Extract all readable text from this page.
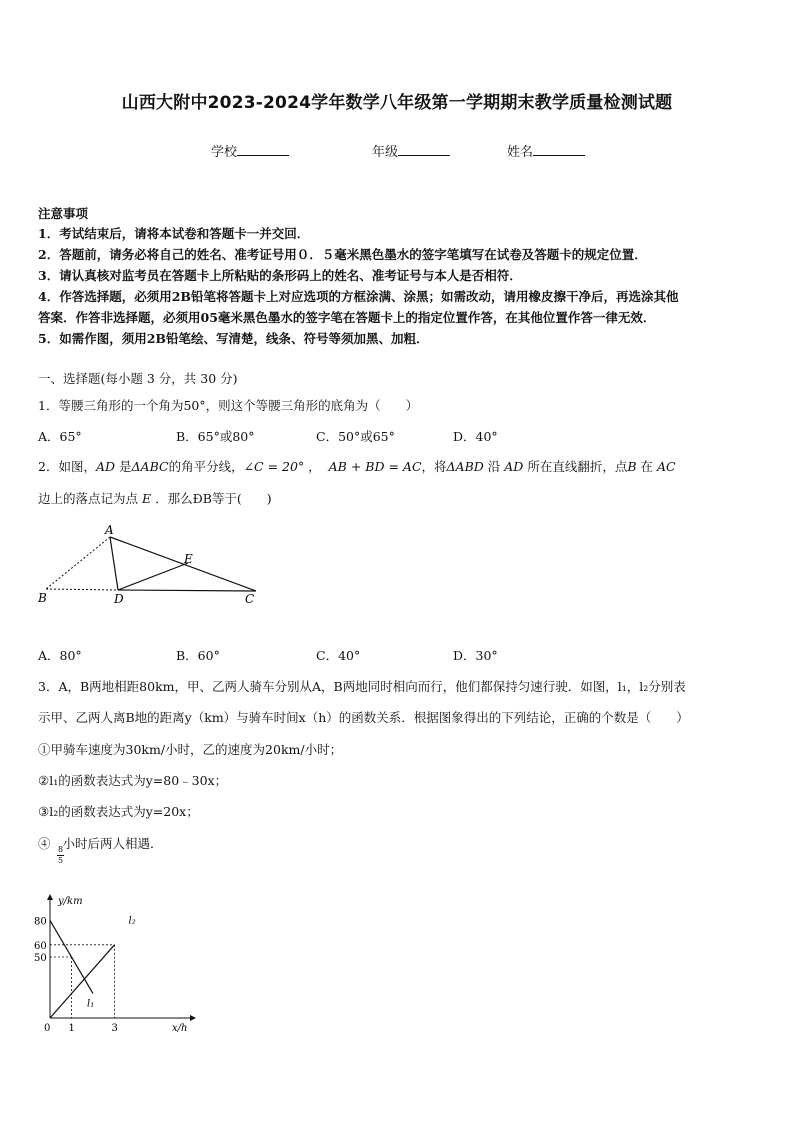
山西大附中2023-2024学年数学八年级第一学期期末教学质量检测试题
学校	年级	姓名
注意事项
1．考试结束后，请将本试卷和答题卡一并交回．
2．答题前，请务必将自己的姓名、准考证号用０．５毫米黑色墨水的签字笔填写在试卷及答题卡的规定位置．
3．请认真核对监考员在答题卡上所粘贴的条形码上的姓名、准考证号与本人是否相符．
4．作答选择题，必须用2B铅笔将答题卡上对应选项的方框涂满、涂黑；如需改动，请用橡皮擦干净后，再选涂其他
答案．作答非选择题，必须用05毫米黑色墨水的签字笔在答题卡上的指定位置作答，在其他位置作答一律无效．
5．如需作图，须用2B铅笔绘、写清楚，线条、符号等须加黑、加粗．
一、选择题(每小题 3 分，共 30 分)
1．等腰三角形的一个角为50°，则这个等腰三角形的底角为（　　）
A．65°	B．65°或80°	C．50°或65°	D．40°
2．如图，AD 是ΔABC的角平分线，∠C = 20° ， AB + BD = AC，将ΔABD 沿 AD 所在直线翻折，点B 在 AC
边上的落点记为点 E ．那么ÐB等于(　　)
A
B	D
E
C
A．80°	B．60°	C．40°	D．30°
3．A，B两地相距80km，甲、乙两人骑车分别从A，B两地同时相向而行，他们都保持匀速行驶．如图，l₁，l₂分别表
示甲、乙两人离B地的距离y（km）与骑车时间x（h）的函数关系．根据图象得出的下列结论，正确的个数是（　　）
①甲骑车速度为30km/小时，乙的速度为20km/小时；
②l₁的函数表达式为y=80﹣30x；
③l₂的函数表达式为y=20x；
④ 小时后两人相遇．
8
5
y/km
x/h
l₁
l₂
80
60
50
0 1	3
